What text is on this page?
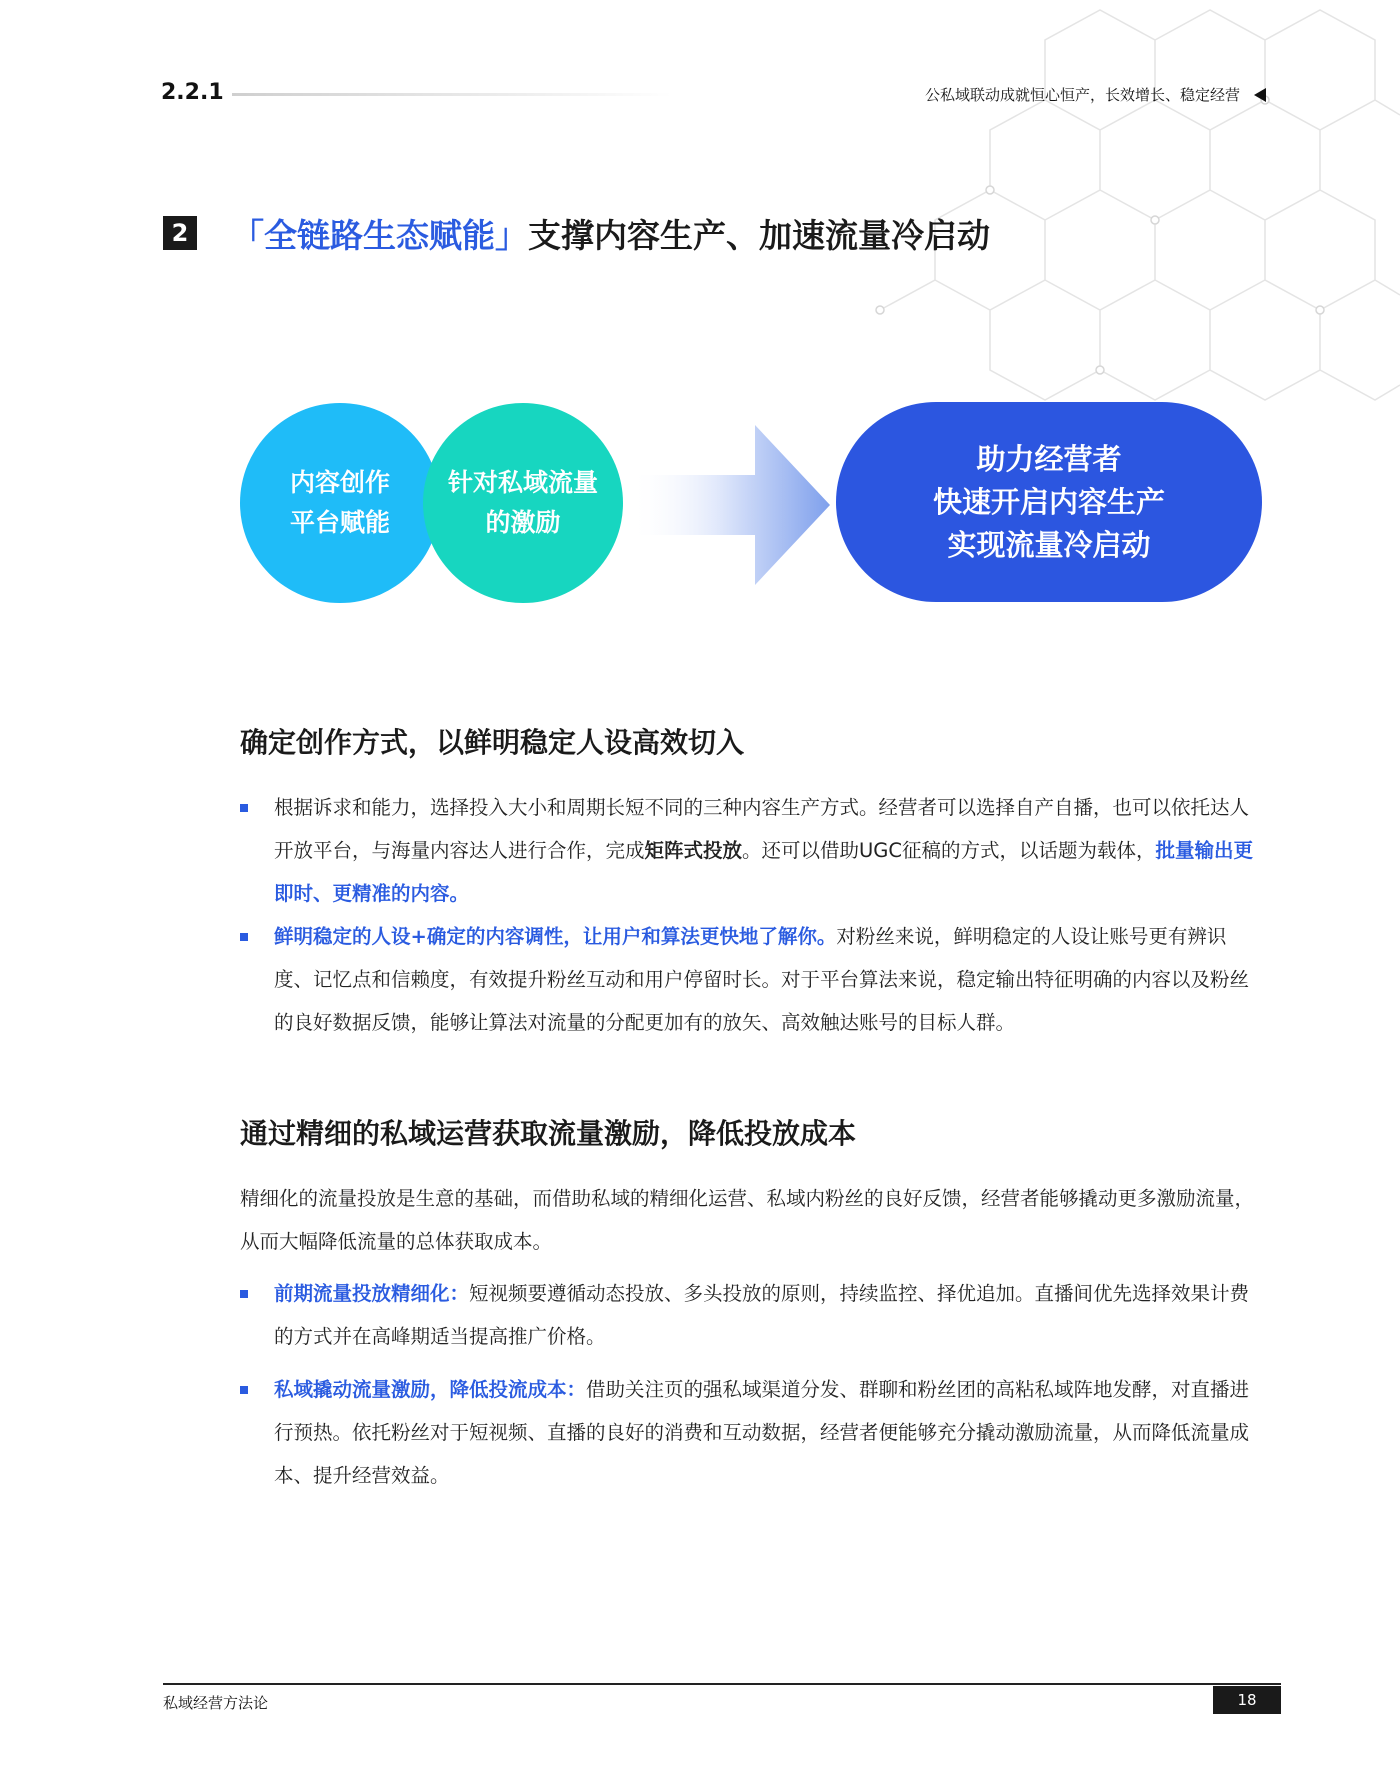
2.2.1	公私域联动成就恒心恒产，长效增长、稳定经营
2 「全链路生态赋能」支撑内容生产、加速流量冷启动
内容创作
平台赋能
针对私域流量
的激励
助力经营者
快速开启内容生产
实现流量冷启动
确定创作方式，以鲜明稳定人设高效切入
根据诉求和能力，选择投入大小和周期长短不同的三种内容生产方式。经营者可以选择自产自播，也可以依托达人开放平台，与海量内容达人进行合作，完成矩阵式投放。还可以借助UGC征稿的方式，以话题为载体，批量输出更即时、更精准的内容。
鲜明稳定的人设+确定的内容调性，让用户和算法更快地了解你。对粉丝来说，鲜明稳定的人设让账号更有辨识度、记忆点和信赖度，有效提升粉丝互动和用户停留时长。对于平台算法来说，稳定输出特征明确的内容以及粉丝的良好数据反馈，能够让算法对流量的分配更加有的放矢、高效触达账号的目标人群。
通过精细的私域运营获取流量激励，降低投放成本
精细化的流量投放是生意的基础，而借助私域的精细化运营、私域内粉丝的良好反馈，经营者能够撬动更多激励流量，从而大幅降低流量的总体获取成本。
前期流量投放精细化：短视频要遵循动态投放、多头投放的原则，持续监控、择优追加。直播间优先选择效果计费的方式并在高峰期适当提高推广价格。
私域撬动流量激励，降低投流成本：借助关注页的强私域渠道分发、群聊和粉丝团的高粘私域阵地发酵，对直播进行预热。依托粉丝对于短视频、直播的良好的消费和互动数据，经营者便能够充分撬动激励流量，从而降低流量成本、提升经营效益。
私域经营方法论	18
